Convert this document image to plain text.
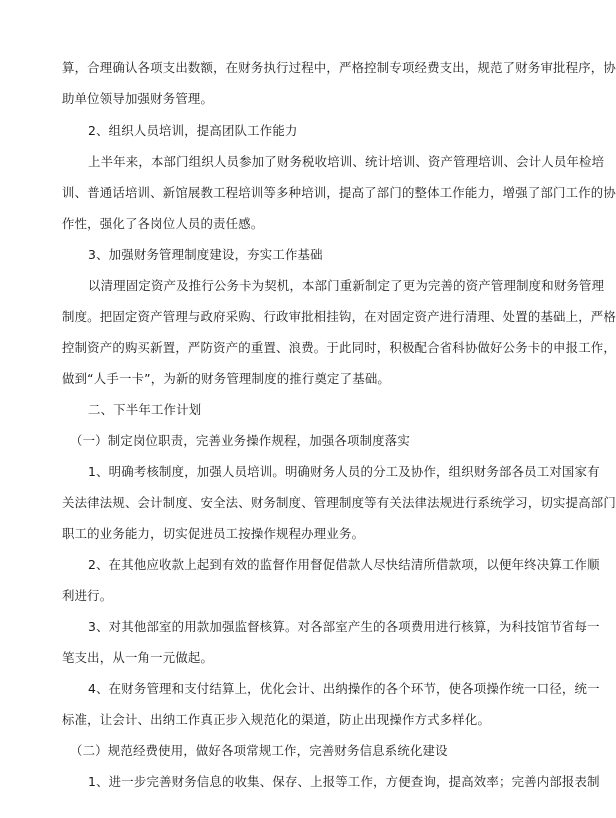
算，合理确认各项支出数额，在财务执行过程中，严格控制专项经费支出，规范了财务审批程序，协
助单位领导加强财务管理。
2、组织人员培训，提高团队工作能力
上半年来，本部门组织人员参加了财务税收培训、统计培训、资产管理培训、会计人员年检培
训、普通话培训、新馆展教工程培训等多种培训，提高了部门的整体工作能力，增强了部门工作的协
作性，强化了各岗位人员的责任感。
3、加强财务管理制度建设，夯实工作基础
以清理固定资产及推行公务卡为契机，本部门重新制定了更为完善的资产管理制度和财务管理
制度。把固定资产管理与政府采购、行政审批相挂钩，在对固定资产进行清理、处置的基础上，严格
控制资产的购买新置，严防资产的重置、浪费。于此同时，积极配合省科协做好公务卡的申报工作，
做到“人手一卡”，为新的财务管理制度的推行奠定了基础。
二、下半年工作计划
（一）制定岗位职责，完善业务操作规程，加强各项制度落实
1、明确考核制度，加强人员培训。明确财务人员的分工及协作，组织财务部各员工对国家有
关法律法规、会计制度、安全法、财务制度、管理制度等有关法律法规进行系统学习，切实提高部门
职工的业务能力，切实促进员工按操作规程办理业务。
2、在其他应收款上起到有效的监督作用督促借款人尽快结清所借款项，以便年终决算工作顺
利进行。
3、对其他部室的用款加强监督核算。对各部室产生的各项费用进行核算，为科技馆节省每一
笔支出，从一角一元做起。
4、在财务管理和支付结算上，优化会计、出纳操作的各个环节，使各项操作统一口径，统一
标准，让会计、出纳工作真正步入规范化的渠道，防止出现操作方式多样化。
（二）规范经费使用，做好各项常规工作，完善财务信息系统化建设
1、进一步完善财务信息的收集、保存、上报等工作，方便查询，提高效率；完善内部报表制
